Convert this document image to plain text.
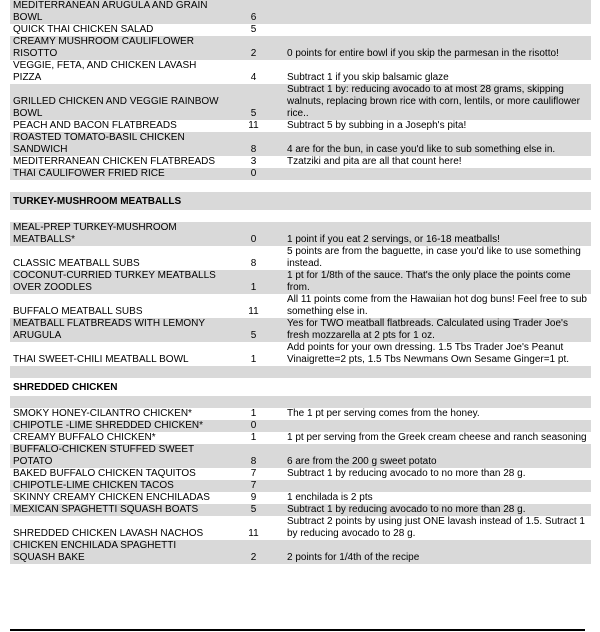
MEDITERRANEAN ARUGULA AND GRAIN BOWL	6	
QUICK THAI CHICKEN SALAD	5	
CREAMY MUSHROOM CAULIFLOWER RISOTTO	2	0 points for entire bowl if you skip the parmesan in the risotto!
VEGGIE, FETA, AND CHICKEN LAVASH PIZZA	4	Subtract 1 if you skip balsamic glaze
GRILLED CHICKEN AND VEGGIE RAINBOW BOWL	5	Subtract 1 by: reducing avocado to at most 28 grams, skipping walnuts, replacing brown rice with corn, lentils, or more cauliflower rice..
PEACH AND BACON FLATBREADS	11	Subtract 5 by subbing in a Joseph's pita!
ROASTED TOMATO-BASIL CHICKEN SANDWICH	8	4 are for the bun, in case you'd like to sub something else in.
MEDITERRANEAN CHICKEN FLATBREADS	3	Tzatziki and pita are all that count here!
THAI CAULIFOWER FRIED RICE	0	

TURKEY-MUSHROOM MEATBALLS		

MEAL-PREP TURKEY-MUSHROOM MEATBALLS*	0	1 point if you eat 2 servings, or 16-18 meatballs!
CLASSIC MEATBALL SUBS	8	5 points are from the baguette, in case you'd like to use something instead.
COCONUT-CURRIED TURKEY MEATBALLS OVER ZOODLES	1	1 pt for 1/8th of the sauce. That's the only place the points come from.
BUFFALO MEATBALL SUBS	11	All 11 points come from the Hawaiian hot dog buns! Feel free to sub something else in.
MEATBALL FLATBREADS WITH LEMONY ARUGULA	5	Yes for TWO meatball flatbreads. Calculated using Trader Joe's fresh mozzarella at 2 pts for 1 oz.
THAI SWEET-CHILI MEATBALL BOWL	1	Add points for your own dressing. 1.5 Tbs Trader Joe's Peanut Vinaigrette=2 pts, 1.5 Tbs Newmans Own Sesame Ginger=1 pt.

SHREDDED CHICKEN		

SMOKY HONEY-CILANTRO CHICKEN*	1	The 1 pt per serving comes from the honey.
CHIPOTLE -LIME SHREDDED CHICKEN*	0	
CREAMY BUFFALO CHICKEN*	1	1 pt per serving from the Greek cream cheese and ranch seasoning
BUFFALO-CHICKEN STUFFED SWEET POTATO	8	6 are from the 200 g sweet potato
BAKED BUFFALO CHICKEN TAQUITOS	7	Subtract 1 by reducing avocado to no more than 28 g.
CHIPOTLE-LIME CHICKEN TACOS	7	
SKINNY CREAMY CHICKEN ENCHILADAS	9	1 enchilada is 2 pts
MEXICAN SPAGHETTI SQUASH BOATS	5	Subtract 1 by reducing avocado to no more than 28 g.
SHREDDED CHICKEN LAVASH NACHOS	11	Subtract 2 points by using just ONE lavash instead of 1.5. Sutract 1 by reducing avocado to 28 g.
CHICKEN ENCHILADA SPAGHETTI SQUASH BAKE	2	2 points for 1/4th of the recipe
